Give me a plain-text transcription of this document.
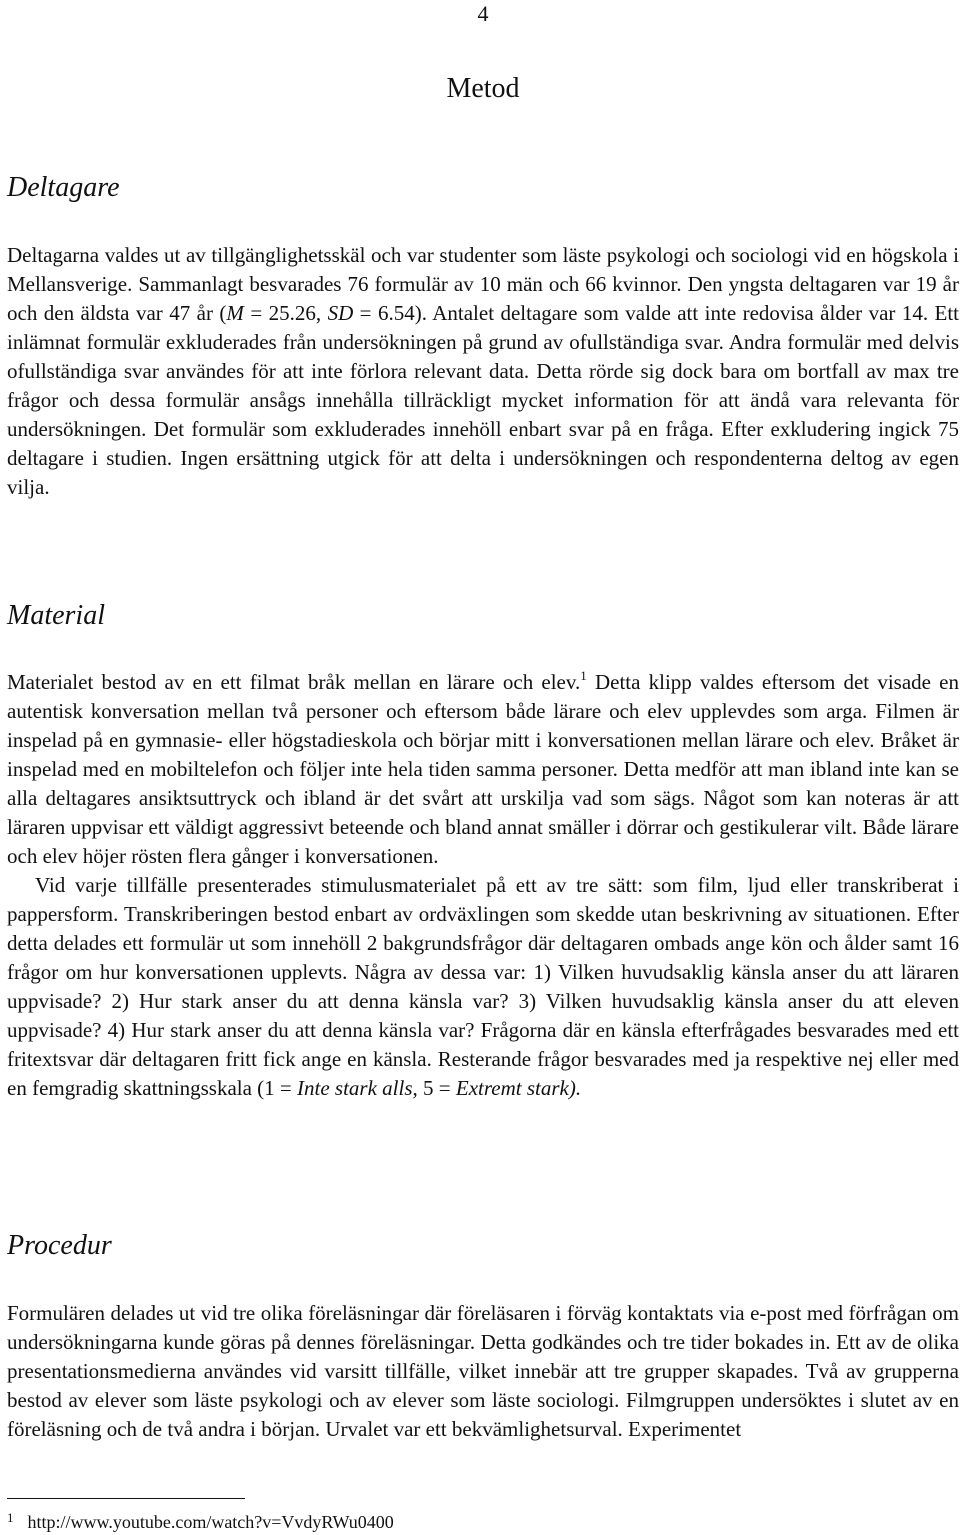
4
Metod
Deltagare

Deltagarna valdes ut av tillgänglighetsskäl och var studenter som läste psykologi och sociologi vid en högskola i Mellansverige. Sammanlagt besvarades 76 formulär av 10 män och 66 kvinnor. Den yngsta deltagaren var 19 år och den äldsta var 47 år (M = 25.26, SD = 6.54). Antalet deltagare som valde att inte redovisa ålder var 14. Ett inlämnat formulär exkluderades från undersökningen på grund av ofullständiga svar. Andra formulär med delvis ofullständiga svar användes för att inte förlora relevant data. Detta rörde sig dock bara om bortfall av max tre frågor och dessa formulär ansågs innehålla tillräckligt mycket information för att ändå vara relevanta för undersökningen. Det formulär som exkluderades innehöll enbart svar på en fråga. Efter exkludering ingick 75 deltagare i studien. Ingen ersättning utgick för att delta i undersökningen och respondenterna deltog av egen vilja.

Material

Materialet bestod av en ett filmat bråk mellan en lärare och elev.$^1$ Detta klipp valdes eftersom det visade en autentisk konversation mellan två personer och eftersom både lärare och elev upplevdes som arga. Filmen är inspelad på en gymnasie- eller högstadieskola och börjar mitt i konversationen mellan lärare och elev. Bråket är inspelad med en mobiltelefon och följer inte hela tiden samma personer. Detta medför att man ibland inte kan se alla deltagares ansiktsuttryck och ibland är det svårt att urskilja vad som sägs. Något som kan noteras är att läraren uppvisar ett väldigt aggressivt beteende och bland annat smäller i dörrar och gestikulerar vilt. Både lärare och elev höjer rösten flera gånger i konversationen.

Vid varje tillfälle presenterades stimulusmaterialet på ett av tre sätt: som film, ljud eller transkriberat i pappersform. Transkriberingen bestod enbart av ordväxlingen som skedde utan beskrivning av situationen. Efter detta delades ett formulär ut som innehöll 2 bakgrundsfrågor där deltagaren ombads ange kön och ålder samt 16 frågor om hur konversationen upplevts. Några av dessa var: 1) Vilken huvudsaklig känsla anser du att läraren uppvisade? 2) Hur stark anser du att denna känsla var? 3) Vilken huvudsaklig känsla anser du att eleven uppvisade? 4) Hur stark anser du att denna känsla var? Frågorna där en känsla efterfrågades besvarades med ett fritextsvar där deltagaren fritt fick ange en känsla. Resterande frågor besvarades med ja respektive nej eller med en femgradig skattningsskala (1 = Inte stark alls, 5 = Extremt stark).

Procedur

Formulären delades ut vid tre olika föreläsningar där föreläsaren i förväg kontaktats via e-post med förfrågan om undersökningarna kunde göras på dennes föreläsningar. Detta godkändes och tre tider bokades in. Ett av de olika presentationsmedierna användes vid varsitt tillfälle, vilket innebär att tre grupper skapades. Två av grupperna bestod av elever som läste psykologi och av elever som läste sociologi. Filmgruppen undersöktes i slutet av en föreläsning och de två andra i början. Urvalet var ett bekvämlighetsurval. Experimentet

$^1$ http://www.youtube.com/watch?v=VvdyRWu0400
